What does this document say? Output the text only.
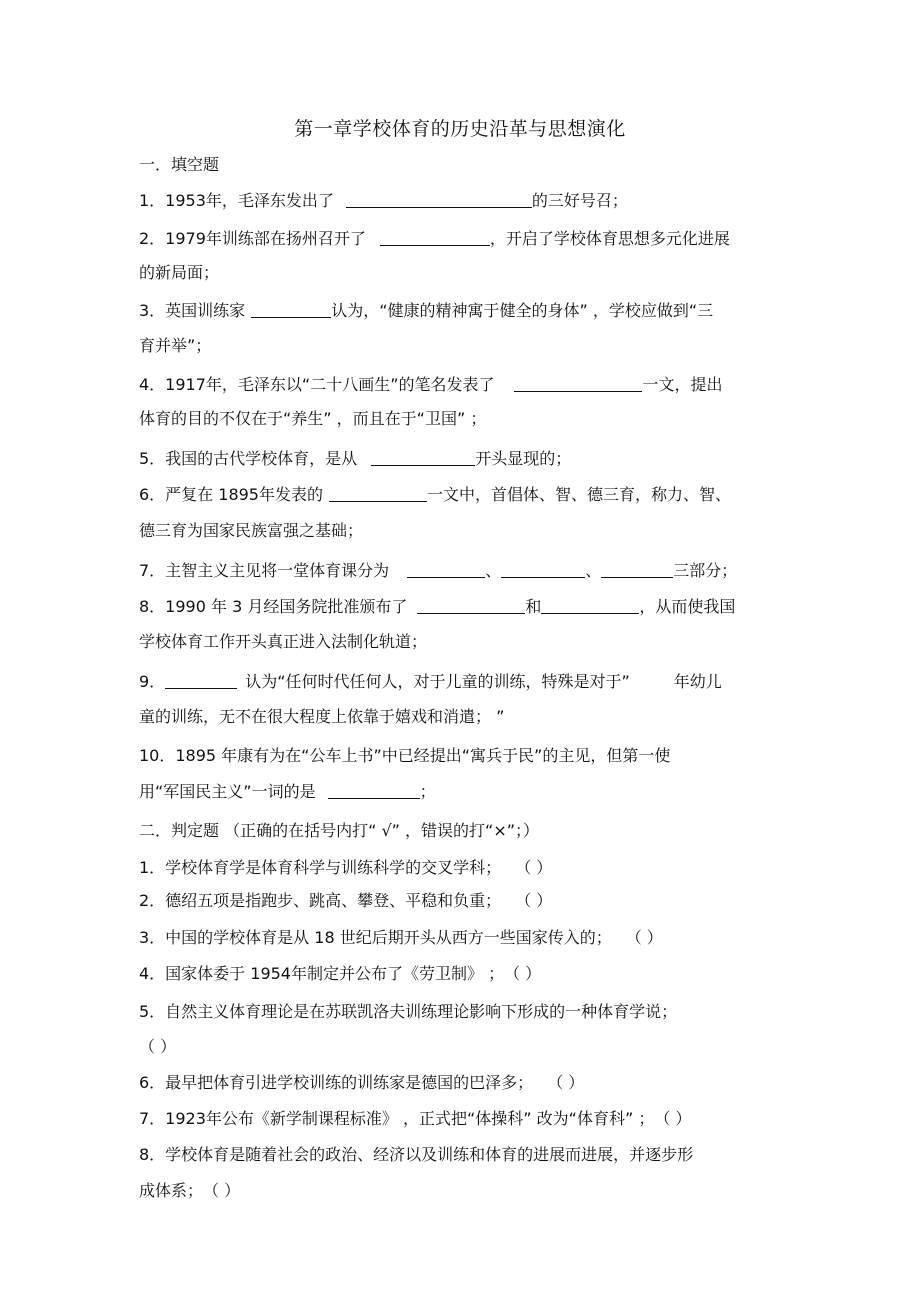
第一章学校体育的历史沿革与思想演化
一．填空题
1．1953年，毛泽东发出了	的三好号召；
2．1979年训练部在扬州召开了	，开启了学校体育思想多元化进展
的新局面；
3．英国训练家	认为，“健康的精神寓于健全的身体” ，学校应做到“三
育并举”；
4．1917年，毛泽东以“二十八画生”的笔名发表了	一文，提出
体育的目的不仅在于“养生” ，而且在于“卫国” ；
5．我国的古代学校体育，是从	开头显现的；
6．严复在 1895年发表的	一文中，首倡体、智、德三育，称力、智、
德三育为国家民族富强之基础；
7．主智主义主见将一堂体育课分为	、	、	三部分；
8．1990 年 3 月经国务院批准颁布了	和	，从而使我国
学校体育工作开头真正进入法制化轨道；
9．	认为“任何时代任何人，对于儿童的训练，特殊是对于”	年幼儿
童的训练，无不在很大程度上依靠于嬉戏和消遣； ”
10．1895 年康有为在“公车上书”中已经提出“寓兵于民”的主见，但第一使
用“军国民主义”一词的是	；
二．判定题 （正确的在括号内打“ √” ，错误的打“×”；）
1．学校体育学是体育科学与训练科学的交叉学科； （ ）
2．德绍五项是指跑步、跳高、攀登、平稳和负重； （ ）
3．中国的学校体育是从 18 世纪后期开头从西方一些国家传入的； （ ）
4．国家体委于 1954年制定并公布了《劳卫制》 ；（ ）
5．自然主义体育理论是在苏联凯洛夫训练理论影响下形成的一种体育学说；
（ ）
6．最早把体育引进学校训练的训练家是德国的巴泽多； （ ）
7．1923年公布《新学制课程标准》 ，正式把“体操科” 改为“体育科” ；（ ）
8．学校体育是随着社会的政治、经济以及训练和体育的进展而进展，并逐步形
成体系；（ ）
